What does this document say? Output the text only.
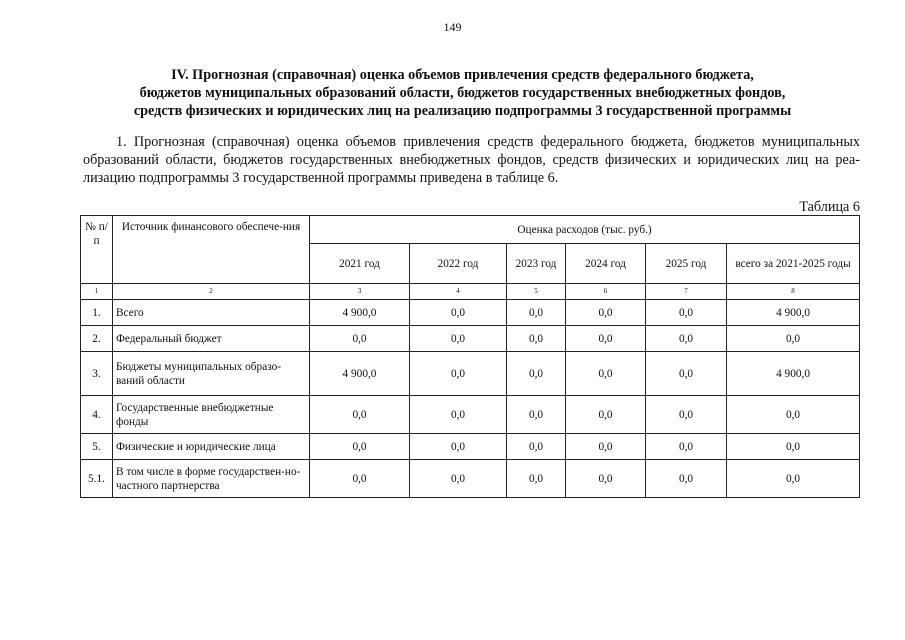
149
IV. Прогнозная (справочная) оценка объемов привлечения средств федерального бюджета,
бюджетов муниципальных образований области, бюджетов государственных внебюджетных фондов,
средств физических и юридических лиц на реализацию подпрограммы 3 государственной программы
1. Прогнозная (справочная) оценка объемов привлечения средств федерального бюджета, бюджетов муниципальных
образований области, бюджетов государственных внебюджетных фондов, средств физических и юридических лиц на реа-
лизацию подпрограммы 3 государственной программы приведена в таблице 6.
Таблица 6
№ п/п	Источник финансового обеспече-ния	Оценка расходов (тыс. руб.)					
		2021 год	2022 год	2023 год	2024 год	2025 год	всего за 2021-2025 годы
1	2	3	4	5	6	7	8
1.	Всего	4 900,0	0,0	0,0	0,0	0,0	4 900,0
2.	Федеральный бюджет	0,0	0,0	0,0	0,0	0,0	0,0
3.	Бюджеты муниципальных образо-ваний области	4 900,0	0,0	0,0	0,0	0,0	4 900,0
4.	Государственные внебюджетные фонды	0,0	0,0	0,0	0,0	0,0	0,0
5.	Физические и юридические лица	0,0	0,0	0,0	0,0	0,0	0,0
5.1.	В том числе в форме государствен-но-частного партнерства	0,0	0,0	0,0	0,0	0,0	0,0
